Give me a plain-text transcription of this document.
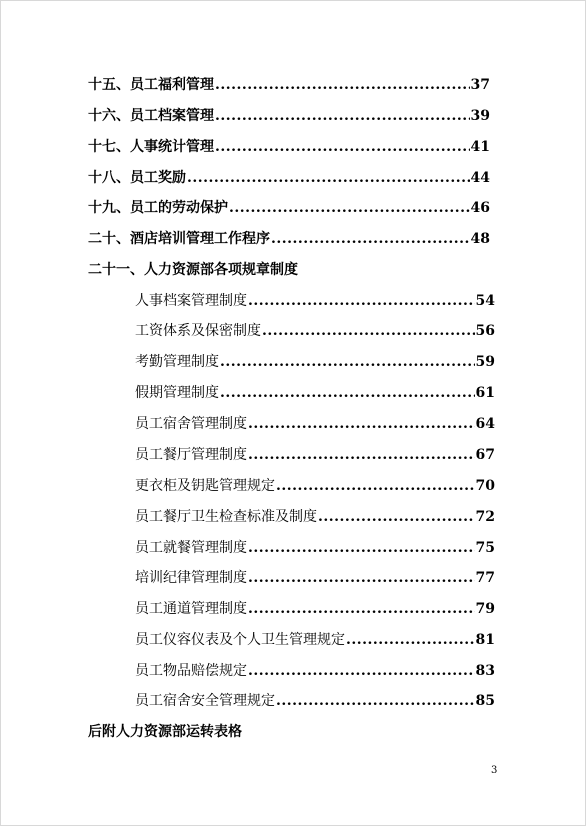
十五、员工福利管理 .....	37
十六、员工档案管理 .....	39
十七、人事统计管理 .....	41
十八、员工奖励 .....	44
十九、员工的劳动保护 .....	46
二十、酒店培训管理工作程序 .....	48
二十一、人力资源部各项规章制度
人事档案管理制度 .....	54
工资体系及保密制度 .....	56
考勤管理制度 .....	59
假期管理制度 .....	61
员工宿舍管理制度 .....	64
员工餐厅管理制度 .....	67
更衣柜及钥匙管理规定 .....	70
员工餐厅卫生检查标准及制度 .....	72
员工就餐管理制度 .....	75
培训纪律管理制度 .....	77
员工通道管理制度 .....	79
员工仪容仪表及个人卫生管理规定 .....	81
员工物品赔偿规定 .....	83
员工宿舍安全管理规定 .....	85
后附人力资源部运转表格
3
